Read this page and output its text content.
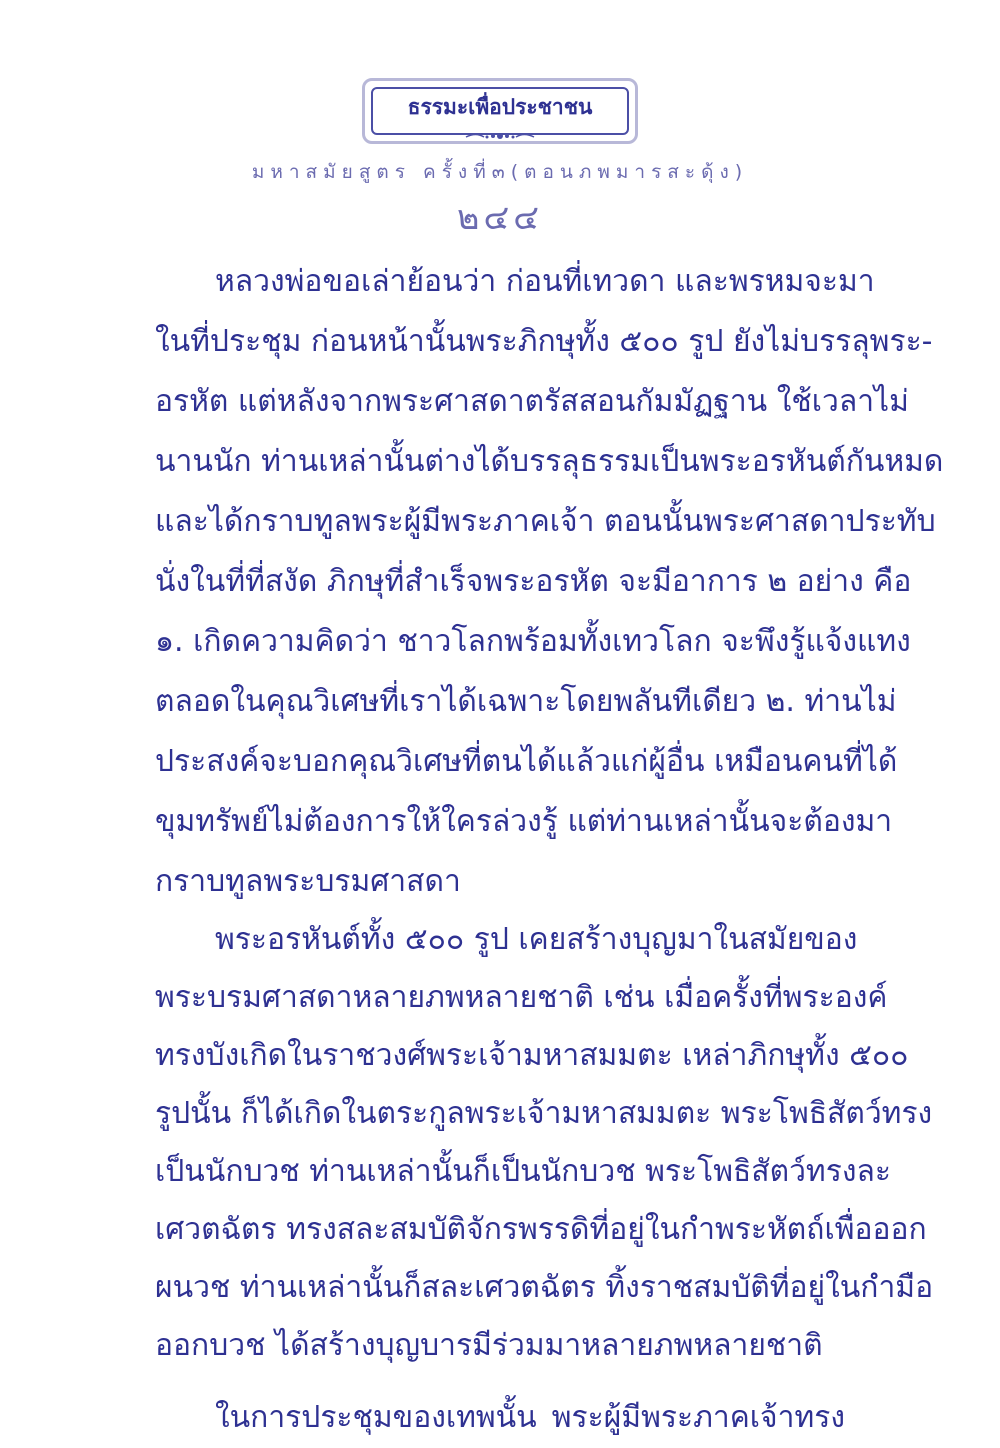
ธรรมะเพื่อประชาชน
มหาสมัยสูตร ครั้งที่๓(ตอนภพมารสะดุ้ง)
๒๔๔
หลวงพ่อขอเล่าย้อนว่า ก่อนที่เทวดา และพรหมจะมา
ในที่ประชุม ก่อนหน้านั้นพระภิกษุทั้ง ๕๐๐ รูป ยังไม่บรรลุพระ-
อรหัต แต่หลังจากพระศาสดาตรัสสอนกัมมัฏฐาน ใช้เวลาไม่
นานนัก ท่านเหล่านั้นต่างได้บรรลุธรรมเป็นพระอรหันต์กันหมด
และได้กราบทูลพระผู้มีพระภาคเจ้า ตอนนั้นพระศาสดาประทับ
นั่งในที่ที่สงัด ภิกษุที่สำเร็จพระอรหัต จะมีอาการ ๒ อย่าง คือ
๑. เกิดความคิดว่า ชาวโลกพร้อมทั้งเทวโลก จะพึงรู้แจ้งแทง
ตลอดในคุณวิเศษที่เราได้เฉพาะโดยพลันทีเดียว ๒. ท่านไม่
ประสงค์จะบอกคุณวิเศษที่ตนได้แล้วแก่ผู้อื่น เหมือนคนที่ได้
ขุมทรัพย์ไม่ต้องการให้ใครล่วงรู้ แต่ท่านเหล่านั้นจะต้องมา
กราบทูลพระบรมศาสดา
พระอรหันต์ทั้ง ๕๐๐ รูป เคยสร้างบุญมาในสมัยของ
พระบรมศาสดาหลายภพหลายชาติ เช่น เมื่อครั้งที่พระองค์
ทรงบังเกิดในราชวงศ์พระเจ้ามหาสมมตะ เหล่าภิกษุทั้ง ๕๐๐
รูปนั้น ก็ได้เกิดในตระกูลพระเจ้ามหาสมมตะ พระโพธิสัตว์ทรง
เป็นนักบวช ท่านเหล่านั้นก็เป็นนักบวช พระโพธิสัตว์ทรงละ
เศวตฉัตร ทรงสละสมบัติจักรพรรดิที่อยู่ในกำพระหัตถ์เพื่อออก
ผนวช ท่านเหล่านั้นก็สละเศวตฉัตร ทิ้งราชสมบัติที่อยู่ในกำมือ
ออกบวช ได้สร้างบุญบารมีร่วมมาหลายภพหลายชาติ
ในการประชุมของเทพนั้น พระผู้มีพระภาคเจ้าทรง
